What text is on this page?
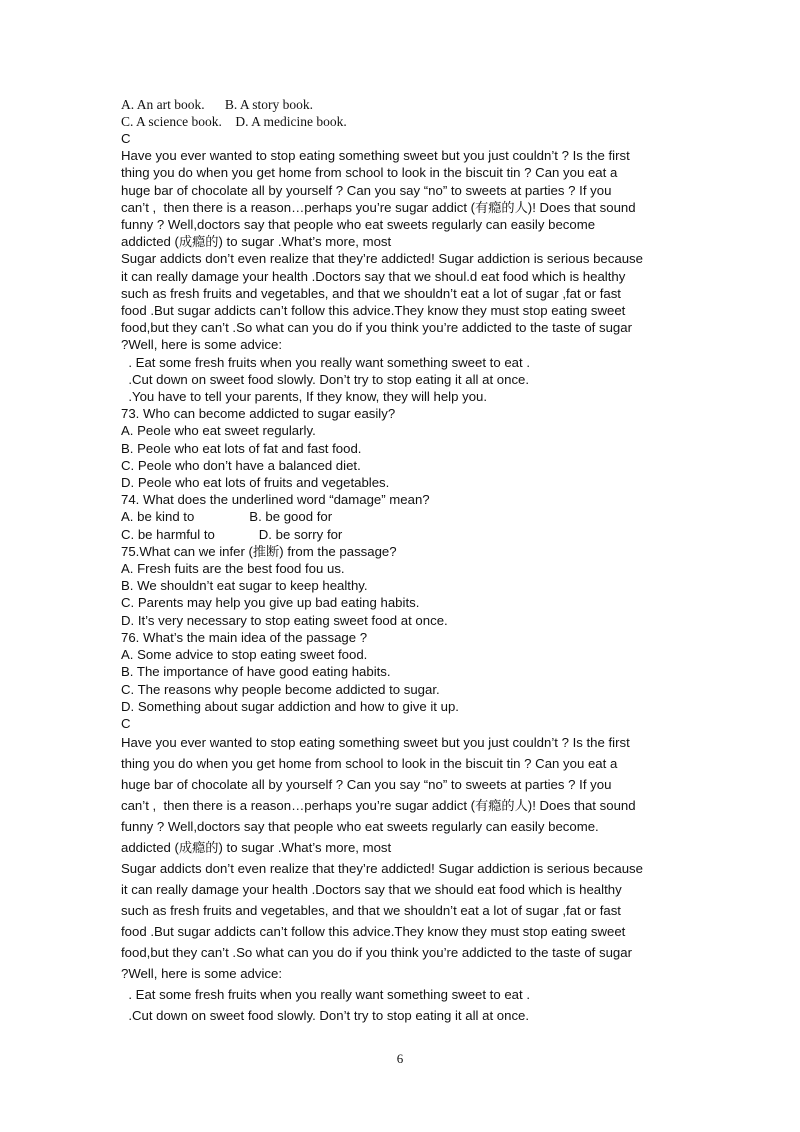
A. An art book.      B. A story book.
C. A science book.    D. A medicine book.
C
Have you ever wanted to stop eating something sweet but you just couldn’t ? Is the first
thing you do when you get home from school to look in the biscuit tin ? Can you eat a
huge bar of chocolate all by yourself ? Can you say “no” to sweets at parties ? If you
can’t ,  then there is a reason…perhaps you’re sugar addict (有瘾的人)! Does that sound
funny ? Well,doctors say that people who eat sweets regularly can easily become
addicted (成瘾的) to sugar .What’s more, most
Sugar addicts don’t even realize that they’re addicted! Sugar addiction is serious because
it can really damage your health .Doctors say that we shoul.d eat food which is healthy
such as fresh fruits and vegetables, and that we shouldn’t eat a lot of sugar ,fat or fast
food .But sugar addicts can’t follow this advice.They know they must stop eating sweet
food,but they can’t .So what can you do if you think you’re addicted to the taste of sugar
?Well, here is some advice:
. Eat some fresh fruits when you really want something sweet to eat .
.Cut down on sweet food slowly. Don’t try to stop eating it all at once.
.You have to tell your parents, If they know, they will help you.
73. Who can become addicted to sugar easily?
A. Peole who eat sweet regularly.
B. Peole who eat lots of fat and fast food.
C. Peole who don’t have a balanced diet.
D. Peole who eat lots of fruits and vegetables.
74. What does the underlined word “damage” mean?
A. be kind to               B. be good for
C. be harmful to            D. be sorry for
75.What can we infer (推断) from the passage?
A. Fresh fuits are the best food fou us.
B. We shouldn’t eat sugar to keep healthy.
C. Parents may help you give up bad eating habits.
D. It’s very necessary to stop eating sweet food at once.
76. What’s the main idea of the passage ?
A. Some advice to stop eating sweet food.
B. The importance of have good eating habits.
C. The reasons why people become addicted to sugar.
D. Something about sugar addiction and how to give it up.
C
Have you ever wanted to stop eating something sweet but you just couldn’t ? Is the first
thing you do when you get home from school to look in the biscuit tin ? Can you eat a
huge bar of chocolate all by yourself ? Can you say “no” to sweets at parties ? If you
can’t ,  then there is a reason…perhaps you’re sugar addict (有瘾的人)! Does that sound
funny ? Well,doctors say that people who eat sweets regularly can easily become.
addicted (成瘾的) to sugar .What’s more, most
Sugar addicts don’t even realize that they’re addicted! Sugar addiction is serious because
it can really damage your health .Doctors say that we should eat food which is healthy
such as fresh fruits and vegetables, and that we shouldn’t eat a lot of sugar ,fat or fast
food .But sugar addicts can’t follow this advice.They know they must stop eating sweet
food,but they can’t .So what can you do if you think you’re addicted to the taste of sugar
?Well, here is some advice:
. Eat some fresh fruits when you really want something sweet to eat .
.Cut down on sweet food slowly. Don’t try to stop eating it all at once.
6
